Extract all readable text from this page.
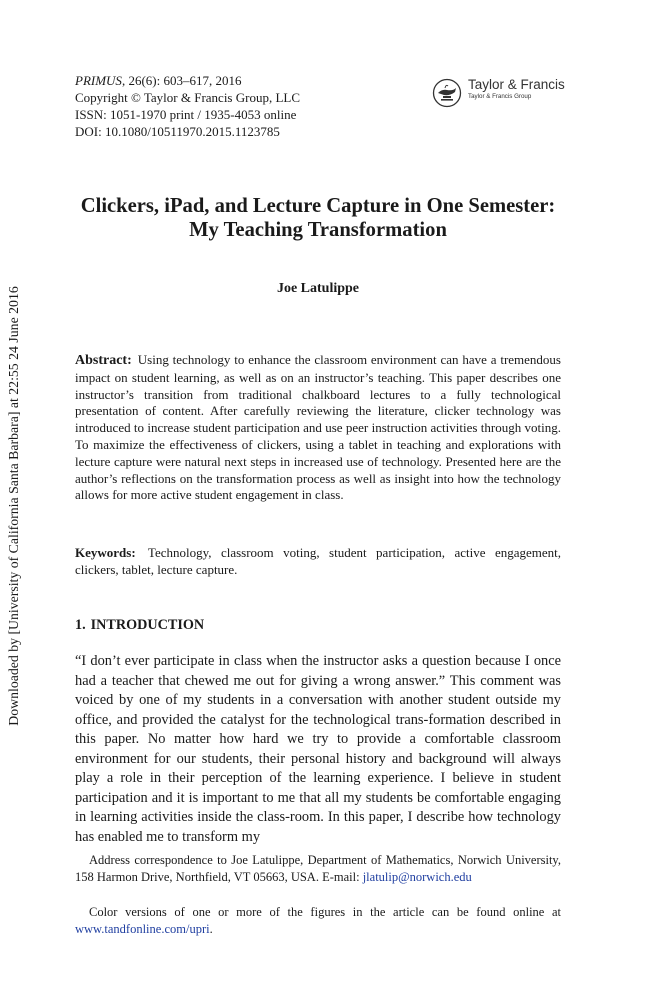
Downloaded by [University of California Santa Barbara] at 22:55 24 June 2016
PRIMUS, 26(6): 603–617, 2016
Copyright © Taylor & Francis Group, LLC
ISSN: 1051-1970 print / 1935-4053 online
DOI: 10.1080/10511970.2015.1123785
Taylor & Francis
Taylor & Francis Group
Clickers, iPad, and Lecture Capture in One Semester: My Teaching Transformation
Joe Latulippe
Abstract: Using technology to enhance the classroom environment can have a tremendous impact on student learning, as well as on an instructor’s teaching. This paper describes one instructor’s transition from traditional chalkboard lectures to a fully technological presentation of content. After carefully reviewing the literature, clicker technology was introduced to increase student participation and use peer instruction activities through voting. To maximize the effectiveness of clickers, using a tablet in teaching and explorations with lecture capture were natural next steps in increased use of technology. Presented here are the author’s reflections on the transformation process as well as insight into how the technology allows for more active student engagement in class.
Keywords: Technology, classroom voting, student participation, active engagement, clickers, tablet, lecture capture.
1. INTRODUCTION
“I don’t ever participate in class when the instructor asks a question because I once had a teacher that chewed me out for giving a wrong answer.” This comment was voiced by one of my students in a conversation with another student outside my office, and provided the catalyst for the technological trans-formation described in this paper. No matter how hard we try to provide a comfortable classroom environment for our students, their personal history and background will always play a role in their perception of the learning experience. I believe in student participation and it is important to me that all my students be comfortable engaging in learning activities inside the class-room. In this paper, I describe how technology has enabled me to transform my
Address correspondence to Joe Latulippe, Department of Mathematics, Norwich University, 158 Harmon Drive, Northfield, VT 05663, USA. E-mail: jlatulip@norwich.edu
Color versions of one or more of the figures in the article can be found online at www.tandfonline.com/upri.
